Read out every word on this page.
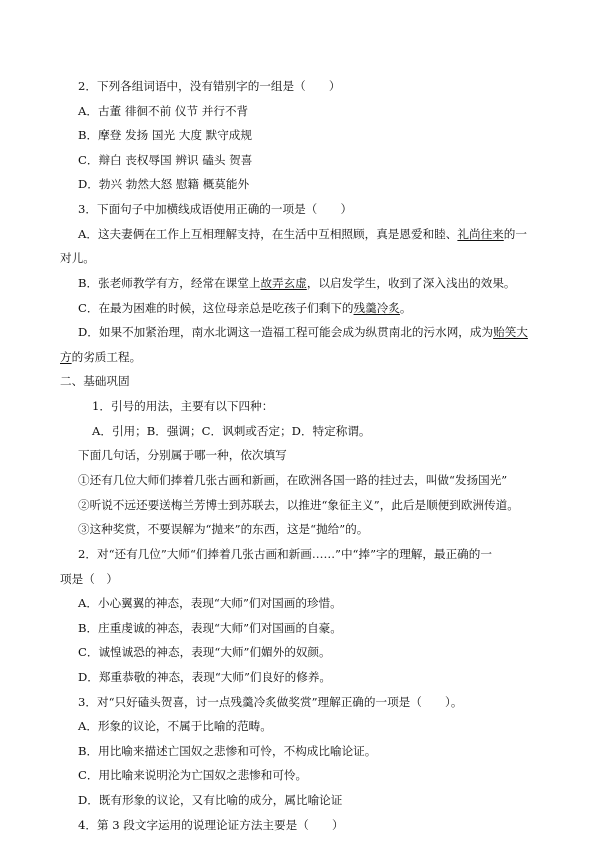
2．下列各组词语中，没有错别字的一组是（　　）
A．古董 徘徊不前 仪节 并行不背
B．摩登 发扬 国光 大度 默守成规
C．辩白 丧权辱国 辨识 磕头 贺喜
D．勃兴 勃然大怒 慰籍 概莫能外
3．下面句子中加横线成语使用正确的一项是（　　）
A．这夫妻俩在工作上互相理解支持，在生活中互相照顾，真是恩爱和睦、礼尚往来的一
对儿。
B．张老师教学有方，经常在课堂上故弄玄虚，以启发学生，收到了深入浅出的效果。
C．在最为困难的时候，这位母亲总是吃孩子们剩下的残羹冷炙。
D．如果不加紧治理，南水北调这一造福工程可能会成为纵贯南北的污水网，成为贻笑大
方的劣质工程。
二、基础巩固
1．引号的用法，主要有以下四种：
A．引用；B．强调；C．讽刺或否定；D．特定称谓。
下面几句话，分别属于哪一种，依次填写
①还有几位大师们捧着几张古画和新画，在欧洲各国一路的挂过去，叫做“发扬国光”
②听说不远还要送梅兰芳博士到苏联去，以推进“象征主义”，此后是顺便到欧洲传道。
③这种奖赏，不要误解为“抛来”的东西，这是“抛给”的。
2．对“还有几位”大师“们捧着几张古画和新画……”中“捧”字的理解，最正确的一
项是（　）
A．小心翼翼的神态，表现“大师”们对国画的珍惜。
B．庄重虔诚的神态，表现“大师”们对国画的自豪。
C．诚惶诚恐的神态，表现“大师”们媚外的奴颜。
D．郑重恭敬的神态，表现“大师”们良好的修养。
3．对“只好磕头贺喜，讨一点残羹冷炙做奖赏”理解正确的一项是（　　）。
A．形象的议论，不属于比喻的范畴。
B．用比喻来描述亡国奴之悲惨和可怜，不构成比喻论证。
C．用比喻来说明沦为亡国奴之悲惨和可怜。
D．既有形象的议论，又有比喻的成分，属比喻论证
4．第 3 段文字运用的说理论证方法主要是（　　）
